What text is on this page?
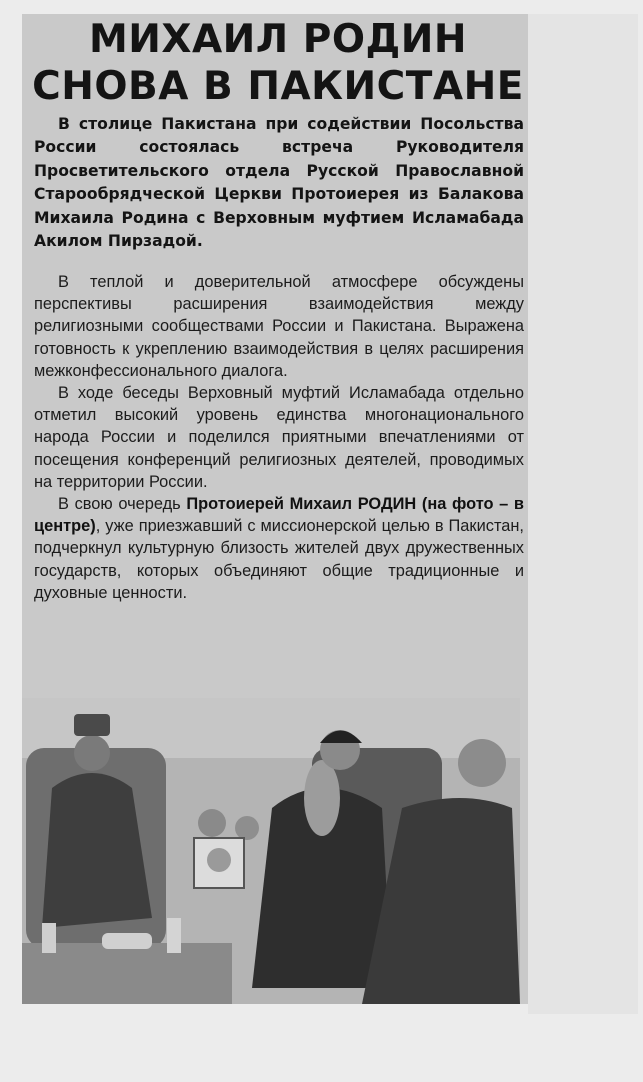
МИХАИЛ РОДИН
СНОВА В ПАКИСТАНЕ

В столице Пакистана при содействии Посольства России состоялась встреча Руководителя Просветительского отдела Русской Православной Старообрядческой Церкви Протоиерея из Балакова Михаила Родина с Верховным муфтием Исламабада Акилом Пирзадой.

В теплой и доверительной атмосфере обсуждены перспективы расширения взаимодействия между религиозными сообществами России и Пакистана. Выражена готовность к укреплению взаимодействия в целях расширения межконфессионального диалога.

В ходе беседы Верховный муфтий Исламабада отдельно отметил высокий уровень единства многонационального народа России и поделился приятными впечатлениями от посещения конференций религиозных деятелей, проводимых на территории России.

В свою очередь Протоиерей Михаил РОДИН (на фото – в центре), уже приезжавший с миссионерской целью в Пакистан, подчеркнул культурную близость жителей двух дружественных государств, которых объединяют общие традиционные и духовные ценности.
